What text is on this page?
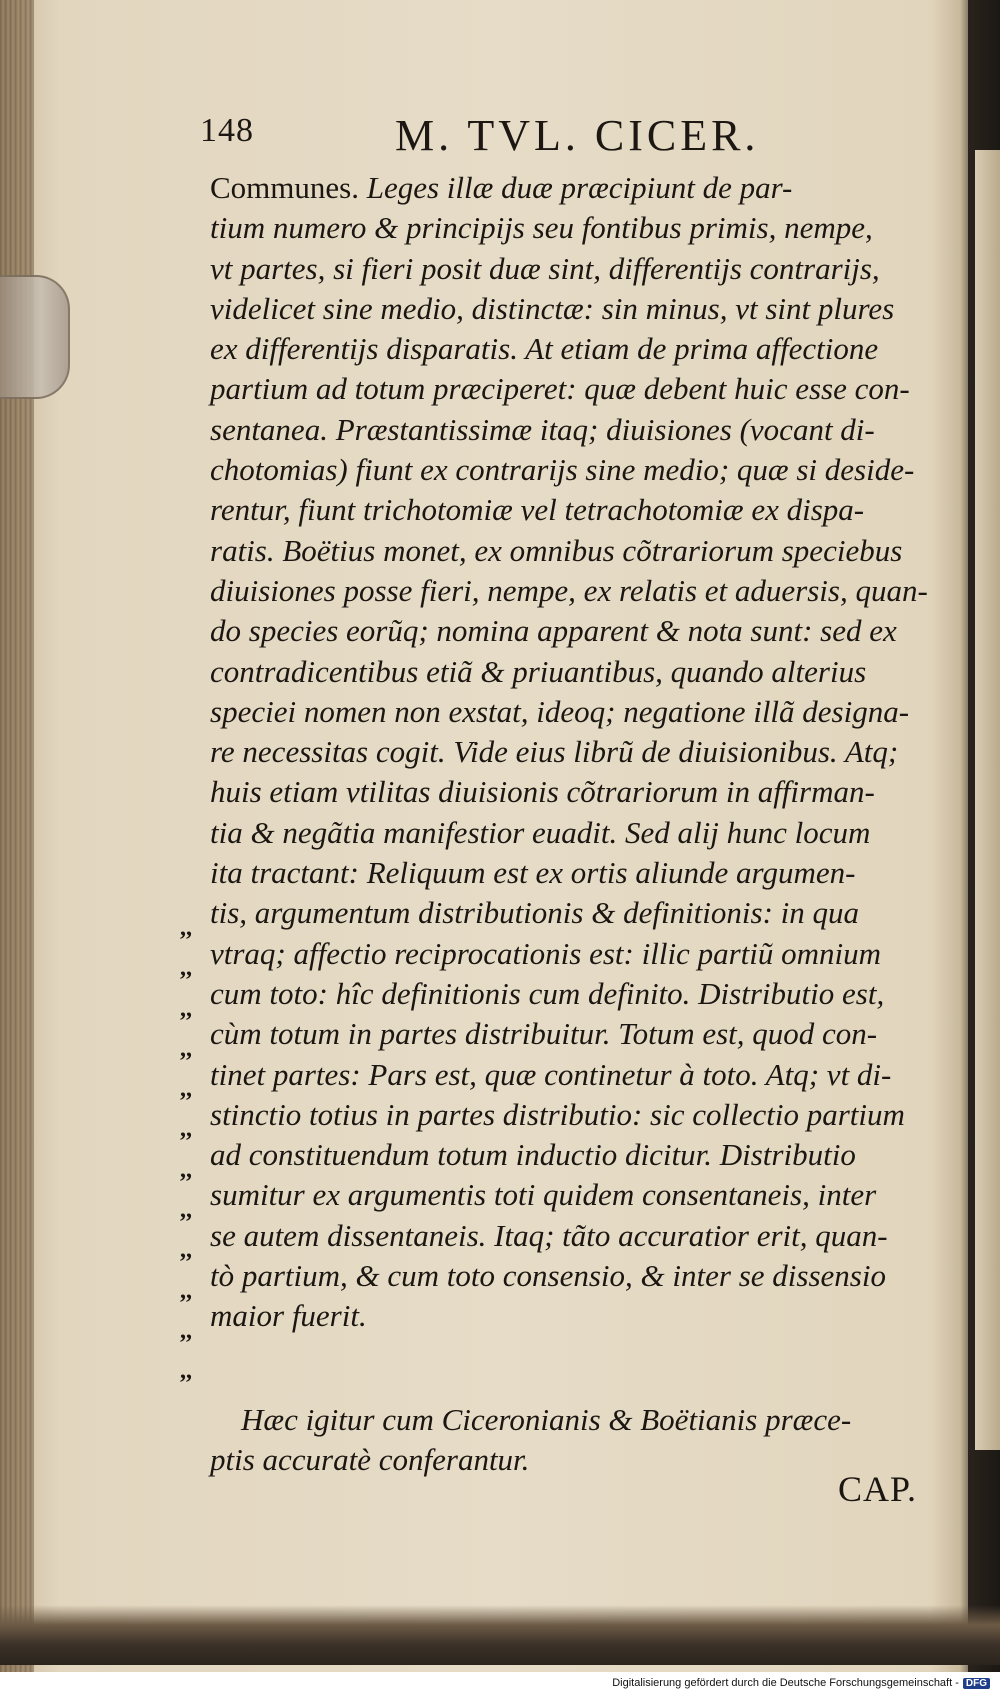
148	M. TVL. CICER.
Communes. Leges illæ duæ præcipiunt de par-
tium numero & principijs seu fontibus primis, nempe,
vt partes, si fieri posit duæ sint, differentijs contrarijs,
videlicet sine medio, distinctæ: sin minus, vt sint plures
ex differentijs disparatis. At etiam de prima affectione
partium ad totum præciperet: quæ debent huic esse con-
sentanea. Præstantissimæ itaq; diuisiones (vocant di-
chotomias) fiunt ex contrarijs sine medio; quæ si deside-
rentur, fiunt trichotomiæ vel tetrachotomiæ ex dispa-
ratis. Boëtius monet, ex omnibus cõtrariorum speciebus
diuisiones posse fieri, nempe, ex relatis et aduersis, quan-
do species eorũq; nomina apparent & nota sunt: sed ex
contradicentibus etiã & priuantibus, quando alterius
speciei nomen non exstat, ideoq; negatione illã designa-
re necessitas cogit. Vide eius librũ de diuisionibus. Atq;
huis etiam vtilitas diuisionis cõtrariorum in affirman-
tia & negãtia manifestior euadit. Sed alij hunc locum
ita tractant: Reliquum est ex ortis aliunde argumen-
tis, argumentum distributionis & definitionis: in qua
vtraq; affectio reciprocationis est: illic partiũ omnium
cum toto: hîc definitionis cum definito. Distributio est,
cùm totum in partes distribuitur. Totum est, quod con-
tinet partes: Pars est, quæ continetur à toto. Atq; vt di-
stinctio totius in partes distributio: sic collectio partium
ad constituendum totum inductio dicitur. Distributio
sumitur ex argumentis toti quidem consentaneis, inter
se autem dissentaneis. Itaq; tãto accuratior erit, quan-
tò partium, & cum toto consensio, & inter se dissensio
maior fuerit.
,,
,,
,,
,,
,,
,,
,,
,,
,,
,,
,,
,,
Hæc igitur cum Ciceronianis & Boëtianis præce-
ptis accuratè conferantur.
CAP.
Digitalisierung gefördert durch die Deutsche Forschungsgemeinschaft - DFG
